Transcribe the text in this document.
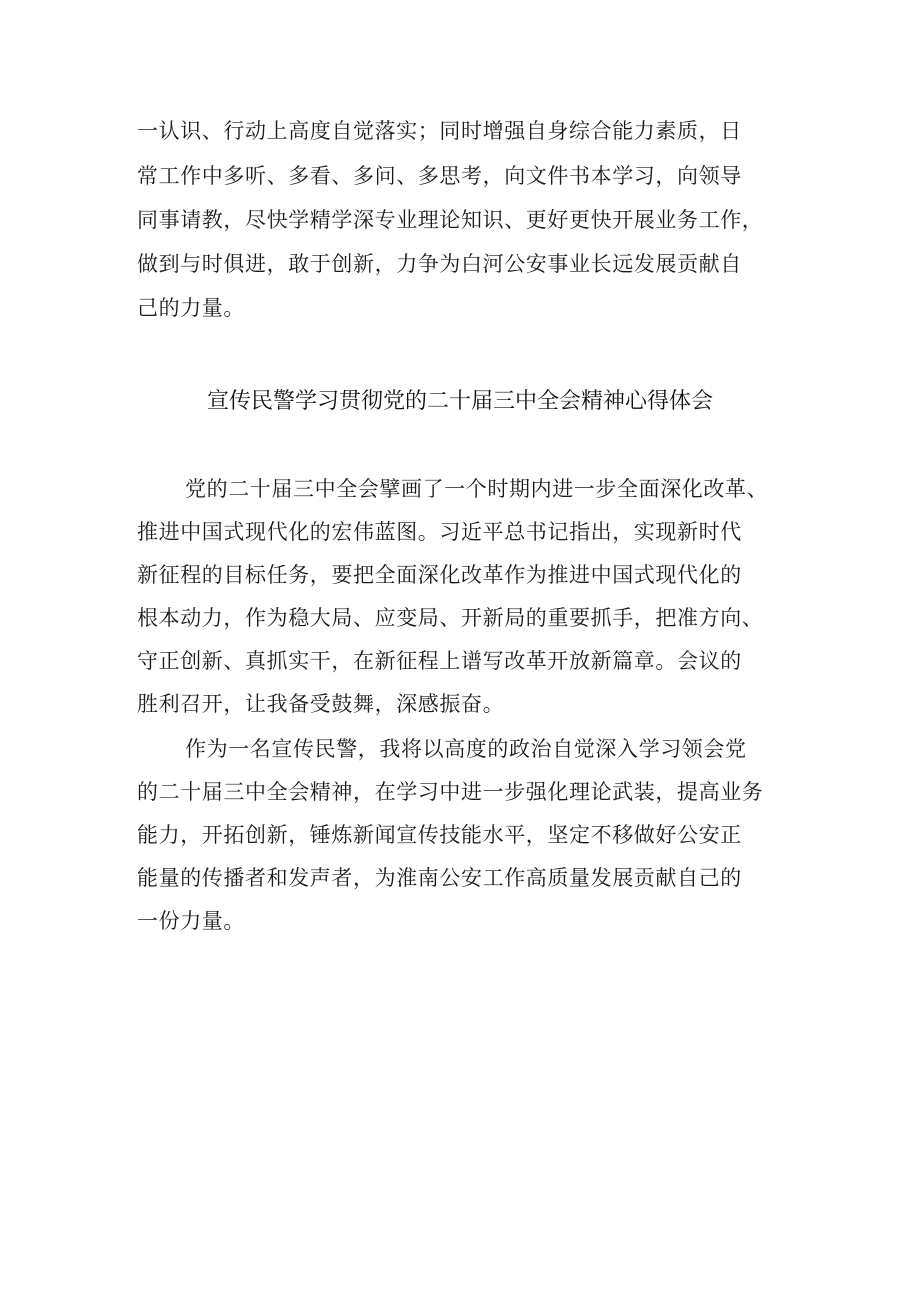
一认识、行动上高度自觉落实；同时增强自身综合能力素质，日
常工作中多听、多看、多问、多思考，向文件书本学习，向领导
同事请教，尽快学精学深专业理论知识、更好更快开展业务工作，
做到与时俱进，敢于创新，力争为白河公安事业长远发展贡献自
己的力量。
宣传民警学习贯彻党的二十届三中全会精神心得体会
党的二十届三中全会擘画了一个时期内进一步全面深化改革、
推进中国式现代化的宏伟蓝图。习近平总书记指出，实现新时代
新征程的目标任务，要把全面深化改革作为推进中国式现代化的
根本动力，作为稳大局、应变局、开新局的重要抓手，把准方向、
守正创新、真抓实干，在新征程上谱写改革开放新篇章。会议的
胜利召开，让我备受鼓舞，深感振奋。
作为一名宣传民警，我将以高度的政治自觉深入学习领会党
的二十届三中全会精神，在学习中进一步强化理论武装，提高业务
能力，开拓创新，锤炼新闻宣传技能水平，坚定不移做好公安正
能量的传播者和发声者，为淮南公安工作高质量发展贡献自己的
一份力量。
